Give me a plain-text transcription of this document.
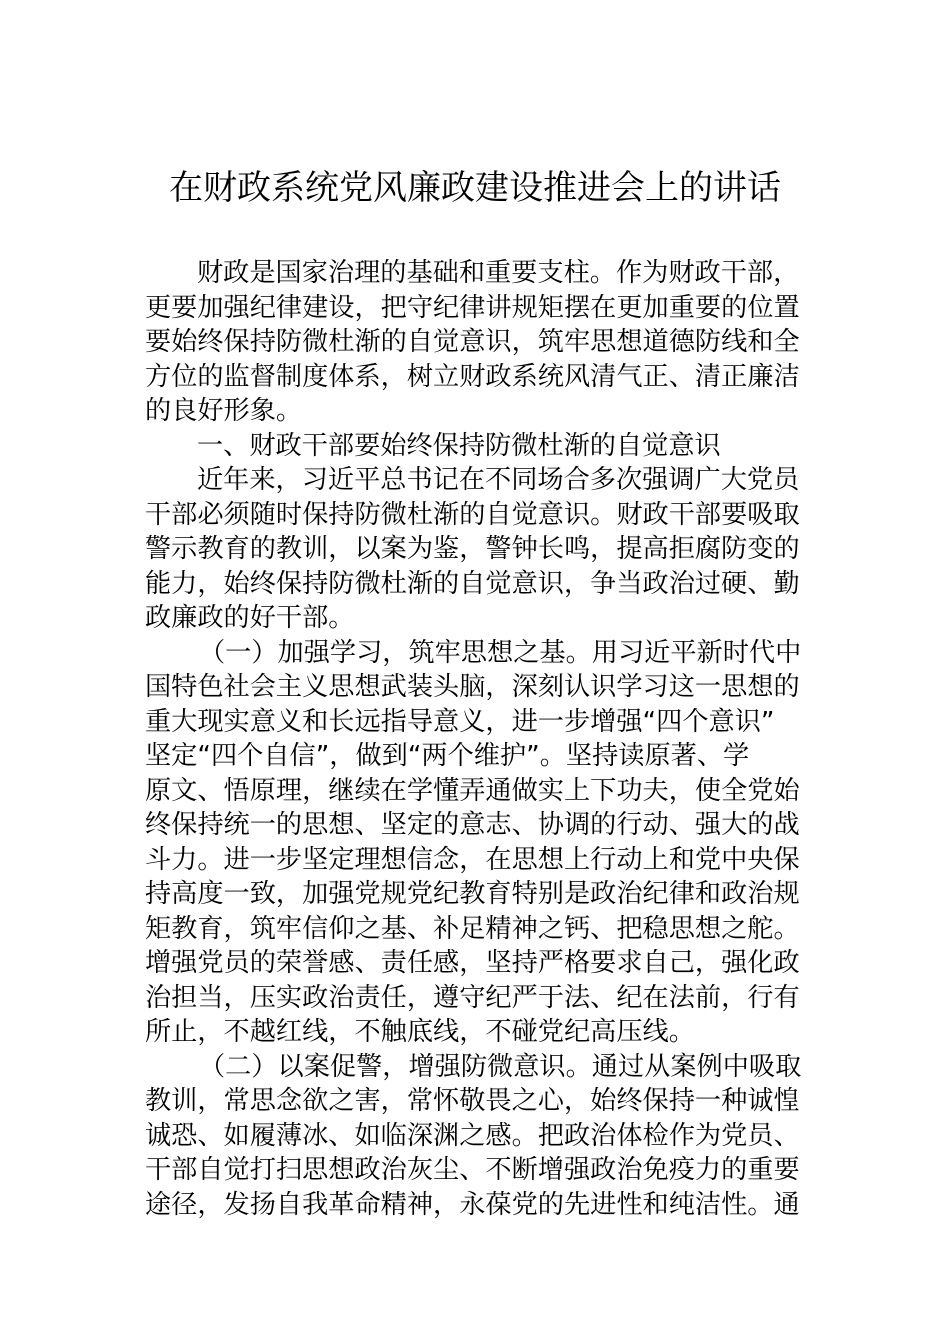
在财政系统党风廉政建设推进会上的讲话
财政是国家治理的基础和重要支柱。作为财政干部，
更要加强纪律建设，把守纪律讲规矩摆在更加重要的位置
要始终保持防微杜渐的自觉意识，筑牢思想道德防线和全
方位的监督制度体系，树立财政系统风清气正、清正廉洁
的良好形象。
一、财政干部要始终保持防微杜渐的自觉意识
近年来，习近平总书记在不同场合多次强调广大党员
干部必须随时保持防微杜渐的自觉意识。财政干部要吸取
警示教育的教训，以案为鉴，警钟长鸣，提高拒腐防变的
能力，始终保持防微杜渐的自觉意识，争当政治过硬、勤
政廉政的好干部。
（一）加强学习，筑牢思想之基。用习近平新时代中
国特色社会主义思想武装头脑，深刻认识学习这一思想的
重大现实意义和长远指导意义，进一步增强“四个意识”
坚定“四个自信”，做到“两个维护”。坚持读原著、学
原文、悟原理，继续在学懂弄通做实上下功夫，使全党始
终保持统一的思想、坚定的意志、协调的行动、强大的战
斗力。进一步坚定理想信念，在思想上行动上和党中央保
持高度一致，加强党规党纪教育特别是政治纪律和政治规
矩教育，筑牢信仰之基、补足精神之钙、把稳思想之舵。
增强党员的荣誉感、责任感，坚持严格要求自己，强化政
治担当，压实政治责任，遵守纪严于法、纪在法前，行有
所止，不越红线，不触底线，不碰党纪高压线。
（二）以案促警，增强防微意识。通过从案例中吸取
教训，常思念欲之害，常怀敬畏之心，始终保持一种诚惶
诚恐、如履薄冰、如临深渊之感。把政治体检作为党员、
干部自觉打扫思想政治灰尘、不断增强政治免疫力的重要
途径，发扬自我革命精神，永葆党的先进性和纯洁性。通
